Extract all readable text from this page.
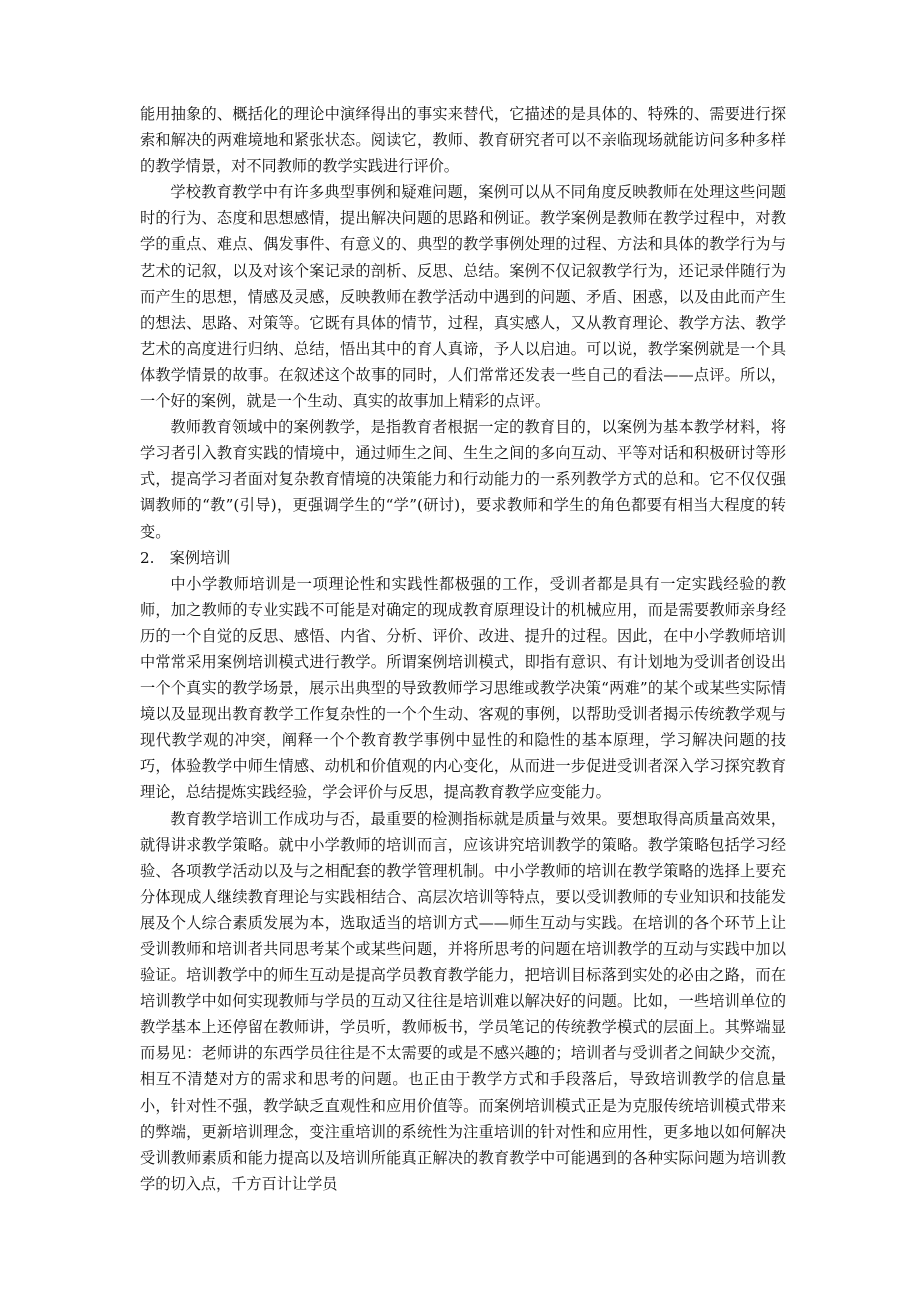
能用抽象的、概括化的理论中演绎得出的事实来替代，它描述的是具体的、特殊的、需要进行探索和解决的两难境地和紧张状态。阅读它，教师、教育研究者可以不亲临现场就能访问多种多样的教学情景，对不同教师的教学实践进行评价。

学校教育教学中有许多典型事例和疑难问题，案例可以从不同角度反映教师在处理这些问题时的行为、态度和思想感情，提出解决问题的思路和例证。教学案例是教师在教学过程中，对教学的重点、难点、偶发事件、有意义的、典型的教学事例处理的过程、方法和具体的教学行为与艺术的记叙，以及对该个案记录的剖析、反思、总结。案例不仅记叙教学行为，还记录伴随行为而产生的思想，情感及灵感，反映教师在教学活动中遇到的问题、矛盾、困惑，以及由此而产生的想法、思路、对策等。它既有具体的情节，过程，真实感人，又从教育理论、教学方法、教学艺术的高度进行归纳、总结，悟出其中的育人真谛，予人以启迪。可以说，教学案例就是一个具体教学情景的故事。在叙述这个故事的同时，人们常常还发表一些自己的看法——点评。所以，一个好的案例，就是一个生动、真实的故事加上精彩的点评。

教师教育领域中的案例教学，是指教育者根据一定的教育目的，以案例为基本教学材料，将学习者引入教育实践的情境中，通过师生之间、生生之间的多向互动、平等对话和积极研讨等形式，提高学习者面对复杂教育情境的决策能力和行动能力的一系列教学方式的总和。它不仅仅强调教师的“教”(引导)，更强调学生的“学”(研讨)，要求教师和学生的角色都要有相当大程度的转变。

2.　案例培训

中小学教师培训是一项理论性和实践性都极强的工作，受训者都是具有一定实践经验的教师，加之教师的专业实践不可能是对确定的现成教育原理设计的机械应用，而是需要教师亲身经历的一个自觉的反思、感悟、内省、分析、评价、改进、提升的过程。因此，在中小学教师培训中常常采用案例培训模式进行教学。所谓案例培训模式，即指有意识、有计划地为受训者创设出一个个真实的教学场景，展示出典型的导致教师学习思维或教学决策“两难”的某个或某些实际情境以及显现出教育教学工作复杂性的一个个生动、客观的事例，以帮助受训者揭示传统教学观与现代教学观的冲突，阐释一个个教育教学事例中显性的和隐性的基本原理，学习解决问题的技巧，体验教学中师生情感、动机和价值观的内心变化，从而进一步促进受训者深入学习探究教育理论，总结提炼实践经验，学会评价与反思，提高教育教学应变能力。

教育教学培训工作成功与否，最重要的检测指标就是质量与效果。要想取得高质量高效果，就得讲求教学策略。就中小学教师的培训而言，应该讲究培训教学的策略。教学策略包括学习经验、各项教学活动以及与之相配套的教学管理机制。中小学教师的培训在教学策略的选择上要充分体现成人继续教育理论与实践相结合、高层次培训等特点，要以受训教师的专业知识和技能发展及个人综合素质发展为本，选取适当的培训方式——师生互动与实践。在培训的各个环节上让受训教师和培训者共同思考某个或某些问题，并将所思考的问题在培训教学的互动与实践中加以验证。培训教学中的师生互动是提高学员教育教学能力，把培训目标落到实处的必由之路，而在培训教学中如何实现教师与学员的互动又往往是培训难以解决好的问题。比如，一些培训单位的教学基本上还停留在教师讲，学员听，教师板书，学员笔记的传统教学模式的层面上。其弊端显而易见：老师讲的东西学员往往是不太需要的或是不感兴趣的；培训者与受训者之间缺少交流，相互不清楚对方的需求和思考的问题。也正由于教学方式和手段落后，导致培训教学的信息量小，针对性不强，教学缺乏直观性和应用价值等。而案例培训模式正是为克服传统培训模式带来的弊端，更新培训理念，变注重培训的系统性为注重培训的针对性和应用性，更多地以如何解决受训教师素质和能力提高以及培训所能真正解决的教育教学中可能遇到的各种实际问题为培训教学的切入点，千方百计让学员
